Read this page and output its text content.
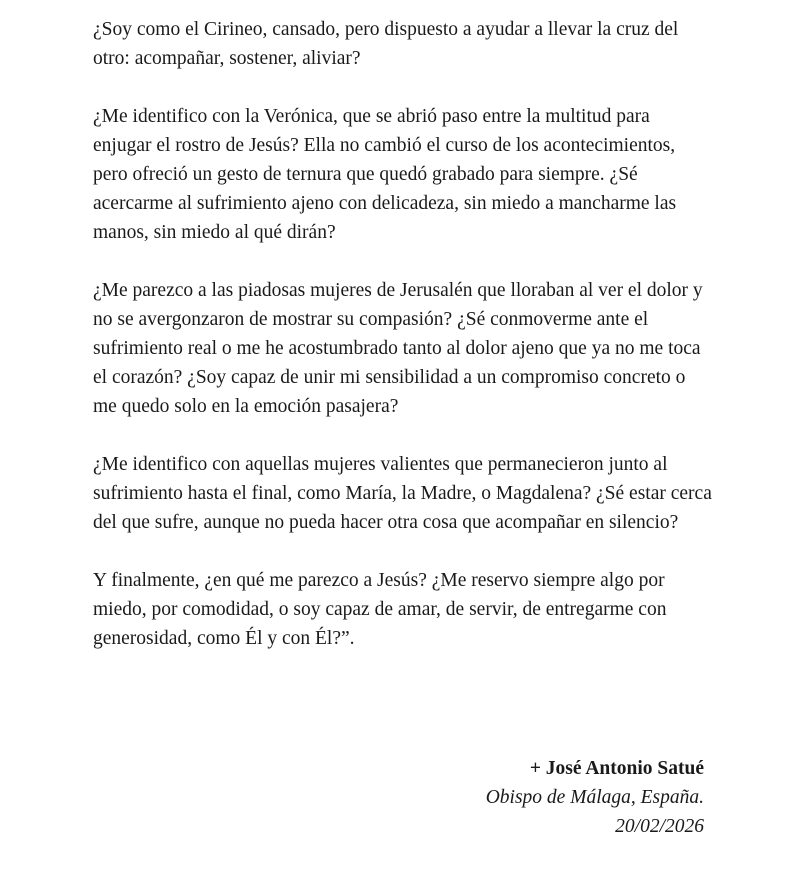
¿Soy como el Cirineo, cansado, pero dispuesto a ayudar a llevar la cruz del otro: acompañar, sostener, aliviar?

¿Me identifico con la Verónica, que se abrió paso entre la multitud para enjugar el rostro de Jesús? Ella no cambió el curso de los acontecimientos, pero ofreció un gesto de ternura que quedó grabado para siempre. ¿Sé acercarme al sufrimiento ajeno con delicadeza, sin miedo a mancharme las manos, sin miedo al qué dirán?

¿Me parezco a las piadosas mujeres de Jerusalén que lloraban al ver el dolor y no se avergonzaron de mostrar su compasión? ¿Sé conmoverme ante el sufrimiento real o me he acostumbrado tanto al dolor ajeno que ya no me toca el corazón? ¿Soy capaz de unir mi sensibilidad a un compromiso concreto o me quedo solo en la emoción pasajera?

¿Me identifico con aquellas mujeres valientes que permanecieron junto al sufrimiento hasta el final, como María, la Madre, o Magdalena? ¿Sé estar cerca del que sufre, aunque no pueda hacer otra cosa que acompañar en silencio?

Y finalmente, ¿en qué me parezco a Jesús? ¿Me reservo siempre algo por miedo, por comodidad, o soy capaz de amar, de servir, de entregarme con generosidad, como Él y con Él?”.

+ José Antonio Satué
Obispo de Málaga, España.
20/02/2026
